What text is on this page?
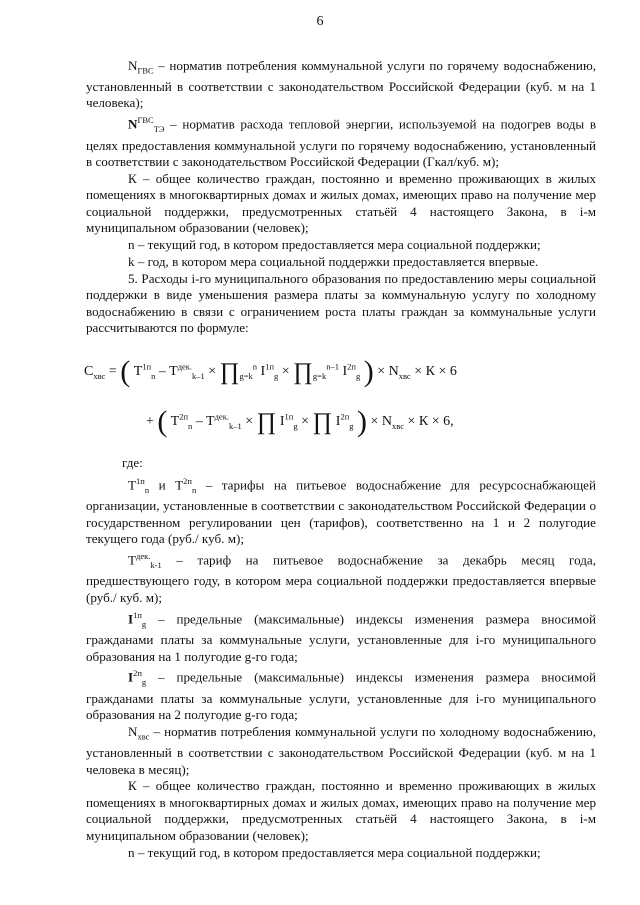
6

$N_{ГВС}$ – норматив потребления коммунальной услуги по горячему водоснабжению, установленный в соответствии с законодательством Российской Федерации (куб. м на 1 человека);

$N^{ГВС}_{ТЭ}$ – норматив расхода тепловой энергии, используемой на подогрев воды в целях предоставления коммунальной услуги по горячему водоснабжению, установленный в соответствии с законодательством Российской Федерации (Гкал/куб. м);

К – общее количество граждан, постоянно и временно проживающих в жилых помещениях в многоквартирных домах и жилых домах, имеющих право на получение мер социальной поддержки, предусмотренных статьёй 4 настоящего Закона, в i-м муниципальном образовании (человек);

n – текущий год, в котором предоставляется мера социальной поддержки;

k – год, в котором мера социальной поддержки предоставляется впервые.

5. Расходы i-го муниципального образования по предоставлению меры социальной поддержки в виде уменьшения размера платы за коммунальную услугу по холодному водоснабжению в связи с ограничением роста платы граждан за коммунальные услуги рассчитываются по формуле:

$C_{хвс}$ = ( $T^{1п}_n - T^{дек.}_{k-1}$ × $\prod_{g=k}^n$ $I^{1п}_g$ × $\prod_{g=k}^{n-1}$ $I^{2п}_g$ ) × $N_{хвс} \times К \times 6$
+ ( $T^{2п}_n - T^{дек.}_{k-1}$ × ∏ $I^{1п}_g$ × ∏ $I^{2п}_g$ ) × $N_{хвс} \times К \times 6$,

где:

$T^{1п}_n$ и $T^{2п}_n$ – тарифы на питьевое водоснабжение для ресурсоснабжающей организации, установленные в соответствии с законодательством Российской Федерации о государственном регулировании цен (тарифов), соответственно на 1 и 2 полугодие текущего года (руб./ куб. м);

$T^{дек.}_{k-1}$ – тариф на питьевое водоснабжение за декабрь месяц года, предшествующего году, в котором мера социальной поддержки предоставляется впервые (руб./ куб. м);

$I^{1п}_g$ – предельные (максимальные) индексы изменения размера вносимой гражданами платы за коммунальные услуги, установленные для i-го муниципального образования на 1 полугодие g-го года;

$I^{2п}_g$ – предельные (максимальные) индексы изменения размера вносимой гражданами платы за коммунальные услуги, установленные для i-го муниципального образования на 2 полугодие g-го года;

$N_{хвс}$ – норматив потребления коммунальной услуги по холодному водоснабжению, установленный в соответствии с законодательством Российской Федерации (куб. м на 1 человека в месяц);

К – общее количество граждан, постоянно и временно проживающих в жилых помещениях в многоквартирных домах и жилых домах, имеющих право на получение мер социальной поддержки, предусмотренных статьёй 4 настоящего Закона, в i-м муниципальном образовании (человек);

n – текущий год, в котором предоставляется мера социальной поддержки;
